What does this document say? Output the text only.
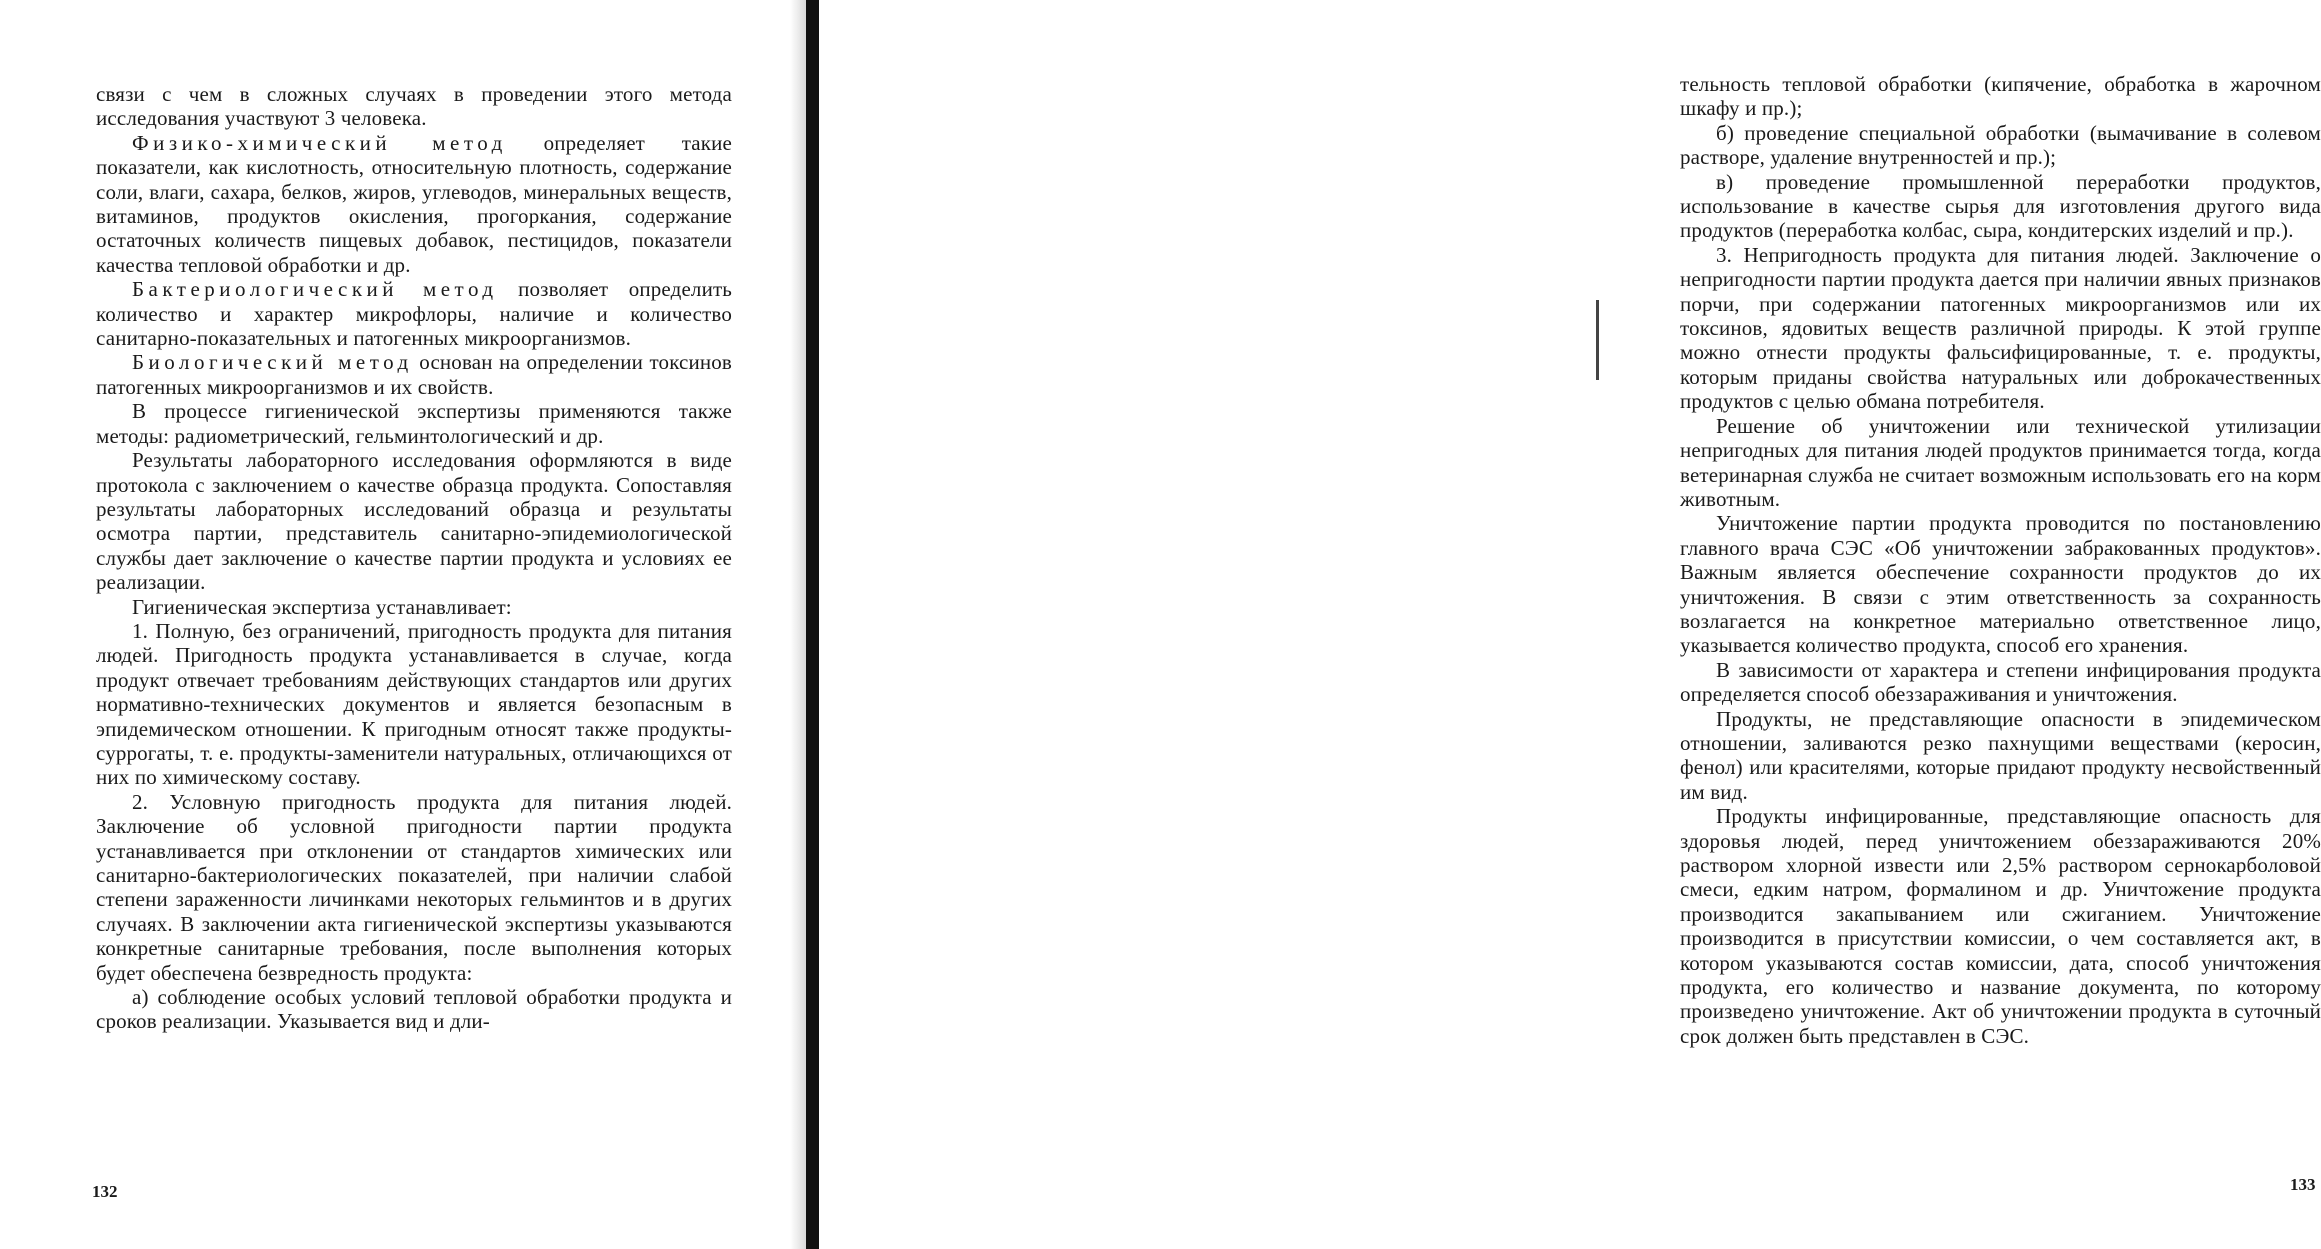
связи с чем в сложных случаях в проведении этого метода исследования участвуют 3 человека.

Физико-химический метод определяет такие показатели, как кислотность, относительную плотность, содержание соли, влаги, сахара, белков, жиров, углеводов, минеральных веществ, витаминов, продуктов окисления, прогоркания, содержание остаточных количеств пищевых добавок, пестицидов, показатели качества тепловой обработки и др.

Бактериологический метод позволяет определить количество и характер микрофлоры, наличие и количество санитарно-показательных и патогенных микроорганизмов.

Биологический метод основан на определении токсинов патогенных микроорганизмов и их свойств.

В процессе гигиенической экспертизы применяются также методы: радиометрический, гельминтологический и др.

Результаты лабораторного исследования оформляются в виде протокола с заключением о качестве образца продукта. Сопоставляя результаты лабораторных исследований образца и результаты осмотра партии, представитель санитарно-эпидемиологической службы дает заключение о качестве партии продукта и условиях ее реализации.

Гигиеническая экспертиза устанавливает:

1. Полную, без ограничений, пригодность продукта для питания людей. Пригодность продукта устанавливается в случае, когда продукт отвечает требованиям действующих стандартов или других нормативно-технических документов и является безопасным в эпидемическом отношении. К пригодным относят также продукты-суррогаты, т. е. продукты-заменители натуральных, отличающихся от них по химическому составу.

2. Условную пригодность продукта для питания людей. Заключение об условной пригодности партии продукта устанавливается при отклонении от стандартов химических или санитарно-бактериологических показателей, при наличии слабой степени зараженности личинками некоторых гельминтов и в других случаях. В заключении акта гигиенической экспертизы указываются конкретные санитарные требования, после выполнения которых будет обеспечена безвредность продукта:

а) соблюдение особых условий тепловой обработки продукта и сроков реализации. Указывается вид и дли-

132

тельность тепловой обработки (кипячение, обработка в жарочном шкафу и пр.);

б) проведение специальной обработки (вымачивание в солевом растворе, удаление внутренностей и пр.);

в) проведение промышленной переработки продуктов, использование в качестве сырья для изготовления другого вида продуктов (переработка колбас, сыра, кондитерских изделий и пр.).

3. Непригодность продукта для питания людей. Заключение о непригодности партии продукта дается при наличии явных признаков порчи, при содержании патогенных микроорганизмов или их токсинов, ядовитых веществ различной природы. К этой группе можно отнести продукты фальсифицированные, т. е. продукты, которым приданы свойства натуральных или доброкачественных продуктов с целью обмана потребителя.

Решение об уничтожении или технической утилизации непригодных для питания людей продуктов принимается тогда, когда ветеринарная служба не считает возможным использовать его на корм животным.

Уничтожение партии продукта проводится по постановлению главного врача СЭС «Об уничтожении забракованных продуктов». Важным является обеспечение сохранности продуктов до их уничтожения. В связи с этим ответственность за сохранность возлагается на конкретное материально ответственное лицо, указывается количество продукта, способ его хранения.

В зависимости от характера и степени инфицирования продукта определяется способ обеззараживания и уничтожения.

Продукты, не представляющие опасности в эпидемическом отношении, заливаются резко пахнущими веществами (керосин, фенол) или красителями, которые придают продукту несвойственный им вид.

Продукты инфицированные, представляющие опасность для здоровья людей, перед уничтожением обеззараживаются 20% раствором хлорной извести или 2,5% раствором сернокарболовой смеси, едким натром, формалином и др. Уничтожение продукта производится закапыванием или сжиганием. Уничтожение производится в присутствии комиссии, о чем составляется акт, в котором указываются состав комиссии, дата, способ уничтожения продукта, его количество и название документа, по которому произведено уничтожение. Акт об уничтожении продукта в суточный срок должен быть представлен в СЭС.

133
